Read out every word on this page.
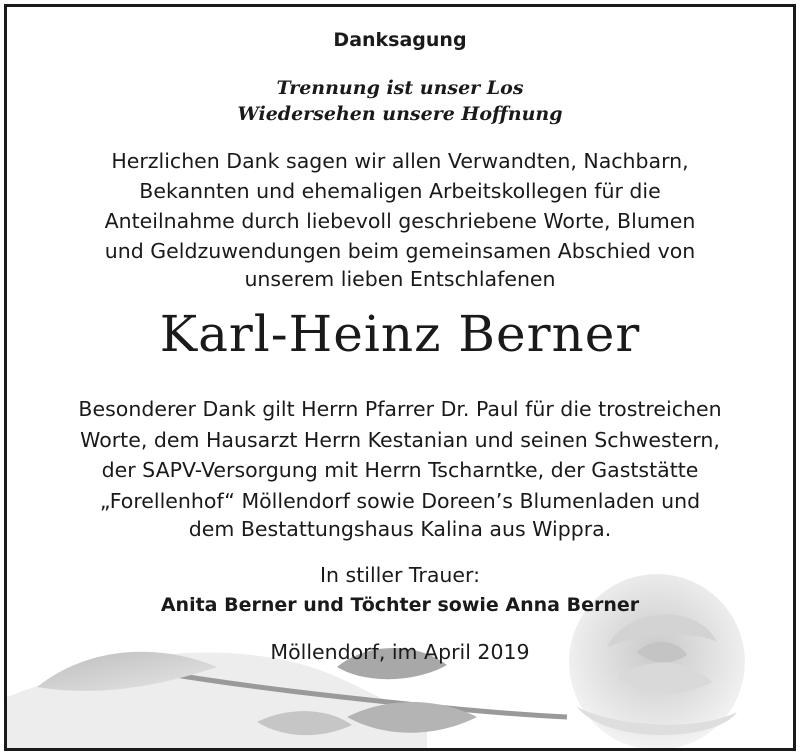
Danksagung
Trennung ist unser Los
Wiedersehen unsere Hoffnung
Herzlichen Dank sagen wir allen Verwandten, Nachbarn,
Bekannten und ehemaligen Arbeitskollegen für die
Anteilnahme durch liebevoll geschriebene Worte, Blumen
und Geldzuwendungen beim gemeinsamen Abschied von
unserem lieben Entschlafenen
Karl-Heinz Berner
Besonderer Dank gilt Herrn Pfarrer Dr. Paul für die trostreichen
Worte, dem Hausarzt Herrn Kestanian und seinen Schwestern,
der SAPV-Versorgung mit Herrn Tscharntke, der Gaststätte
„Forellenhof“ Möllendorf sowie Doreen’s Blumenladen und
dem Bestattungshaus Kalina aus Wippra.
In stiller Trauer:
Anita Berner und Töchter sowie Anna Berner
Möllendorf, im April 2019
